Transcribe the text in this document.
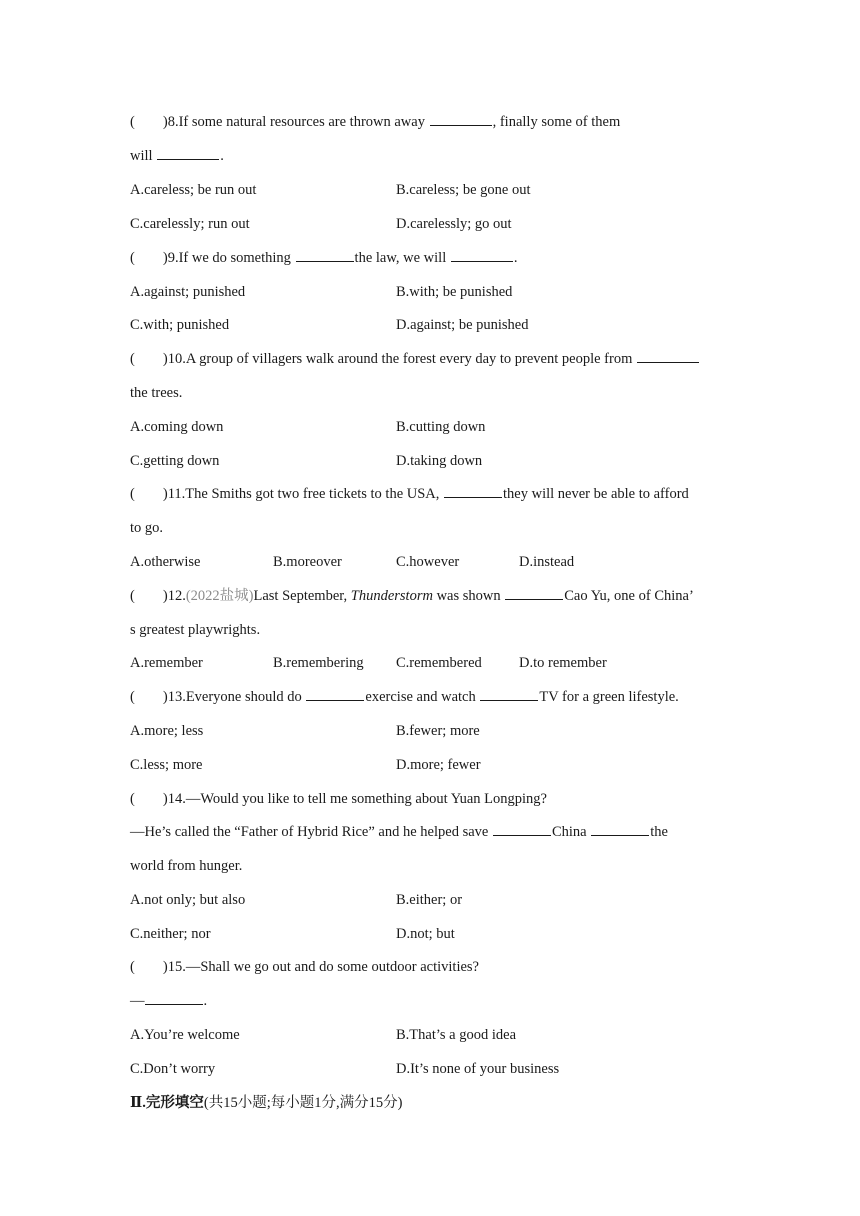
( )8.If some natural resources are thrown away	, finally some of them
will	.
A.careless; be run out	B.careless; be gone out
C.carelessly; run out	D.carelessly; go out
( )9.If we do something	the law, we will	.
A.against; punished	B.with; be punished
C.with; punished	D.against; be punished
( )10.A group of villagers walk around the forest every day to prevent people from
the trees.
A.coming down	B.cutting down
C.getting down	D.taking down
( )11.The Smiths got two free tickets to the USA,	they will never be able to afford
to go.
A.otherwise	B.moreover	C.however	D.instead
( )12.(2022盐城)Last September, Thunderstorm was shown	Cao Yu, one of China’
s greatest playwrights.
A.remember	B.remembering C.remembered	D.to remember
( )13.Everyone should do	exercise and watch	TV for a green lifestyle.
A.more; less	B.fewer; more
C.less; more	D.more; fewer
( )14.—Would you like to tell me something about Yuan Longping?
—He’s called the “Father of Hybrid Rice” and he helped save	China	the
world from hunger.
A.not only; but also	B.either; or
C.neither; nor	D.not; but
( )15.—Shall we go out and do some outdoor activities?
—	.
A.You’re welcome	B.That’s a good idea
C.Don’t worry	D.It’s none of your business
Ⅱ.完形填空(共15小题;每小题1分,满分15分)
